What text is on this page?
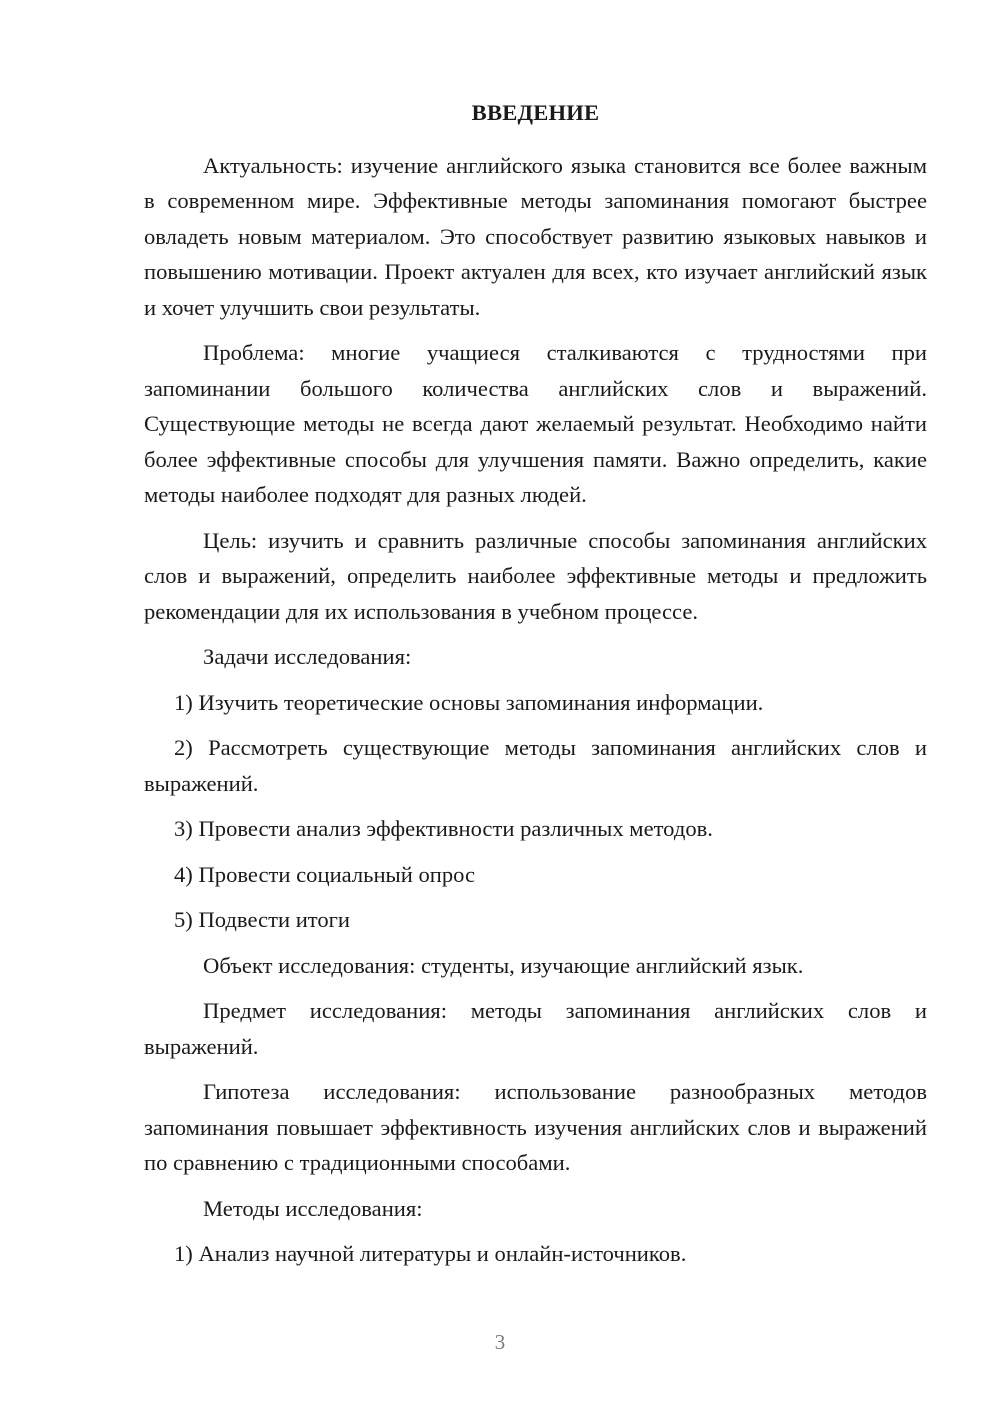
ВВЕДЕНИЕ

Актуальность: изучение английского языка становится все более важным в современном мире. Эффективные методы запоминания помогают быстрее овладеть новым материалом. Это способствует развитию языковых навыков и повышению мотивации. Проект актуален для всех, кто изучает английский язык и хочет улучшить свои результаты.

Проблема: многие учащиеся сталкиваются с трудностями при запоминании большого количества английских слов и выражений. Существующие методы не всегда дают желаемый результат. Необходимо найти более эффективные способы для улучшения памяти. Важно определить, какие методы наиболее подходят для разных людей.

Цель: изучить и сравнить различные способы запоминания английских слов и выражений, определить наиболее эффективные методы и предложить рекомендации для их использования в учебном процессе.

Задачи исследования:

1) Изучить теоретические основы запоминания информации.

2) Рассмотреть существующие методы запоминания английских слов и выражений.

3) Провести анализ эффективности различных методов.

4) Провести социальный опрос

5) Подвести итоги

Объект исследования: студенты, изучающие английский язык.

Предмет исследования: методы запоминания английских слов и выражений.

Гипотеза исследования: использование разнообразных методов запоминания повышает эффективность изучения английских слов и выражений по сравнению с традиционными способами.

Методы исследования:

1) Анализ научной литературы и онлайн-источников.

3
